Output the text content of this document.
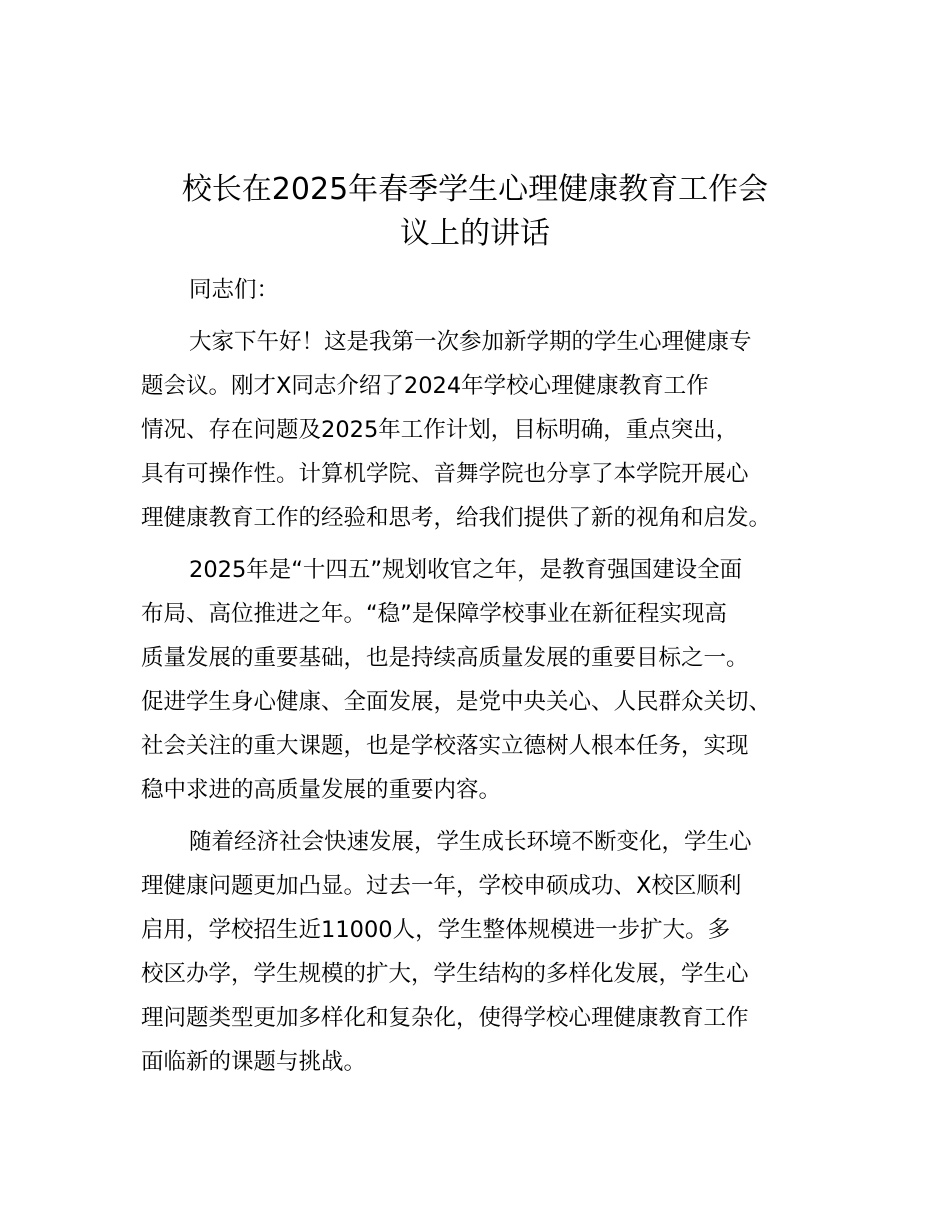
校长在2025年春季学生心理健康教育工作会
议上的讲话
同志们：
大家下午好！这是我第一次参加新学期的学生心理健康专
题会议。刚才X同志介绍了2024年学校心理健康教育工作
情况、存在问题及2025年工作计划，目标明确，重点突出，
具有可操作性。计算机学院、音舞学院也分享了本学院开展心
理健康教育工作的经验和思考，给我们提供了新的视角和启发。
2025年是“十四五”规划收官之年，是教育强国建设全面
布局、高位推进之年。“稳”是保障学校事业在新征程实现高
质量发展的重要基础，也是持续高质量发展的重要目标之一。
促进学生身心健康、全面发展，是党中央关心、人民群众关切、
社会关注的重大课题，也是学校落实立德树人根本任务，实现
稳中求进的高质量发展的重要内容。
随着经济社会快速发展，学生成长环境不断变化，学生心
理健康问题更加凸显。过去一年，学校申硕成功、X校区顺利
启用，学校招生近11000人，学生整体规模进一步扩大。多
校区办学，学生规模的扩大，学生结构的多样化发展，学生心
理问题类型更加多样化和复杂化，使得学校心理健康教育工作
面临新的课题与挑战。
